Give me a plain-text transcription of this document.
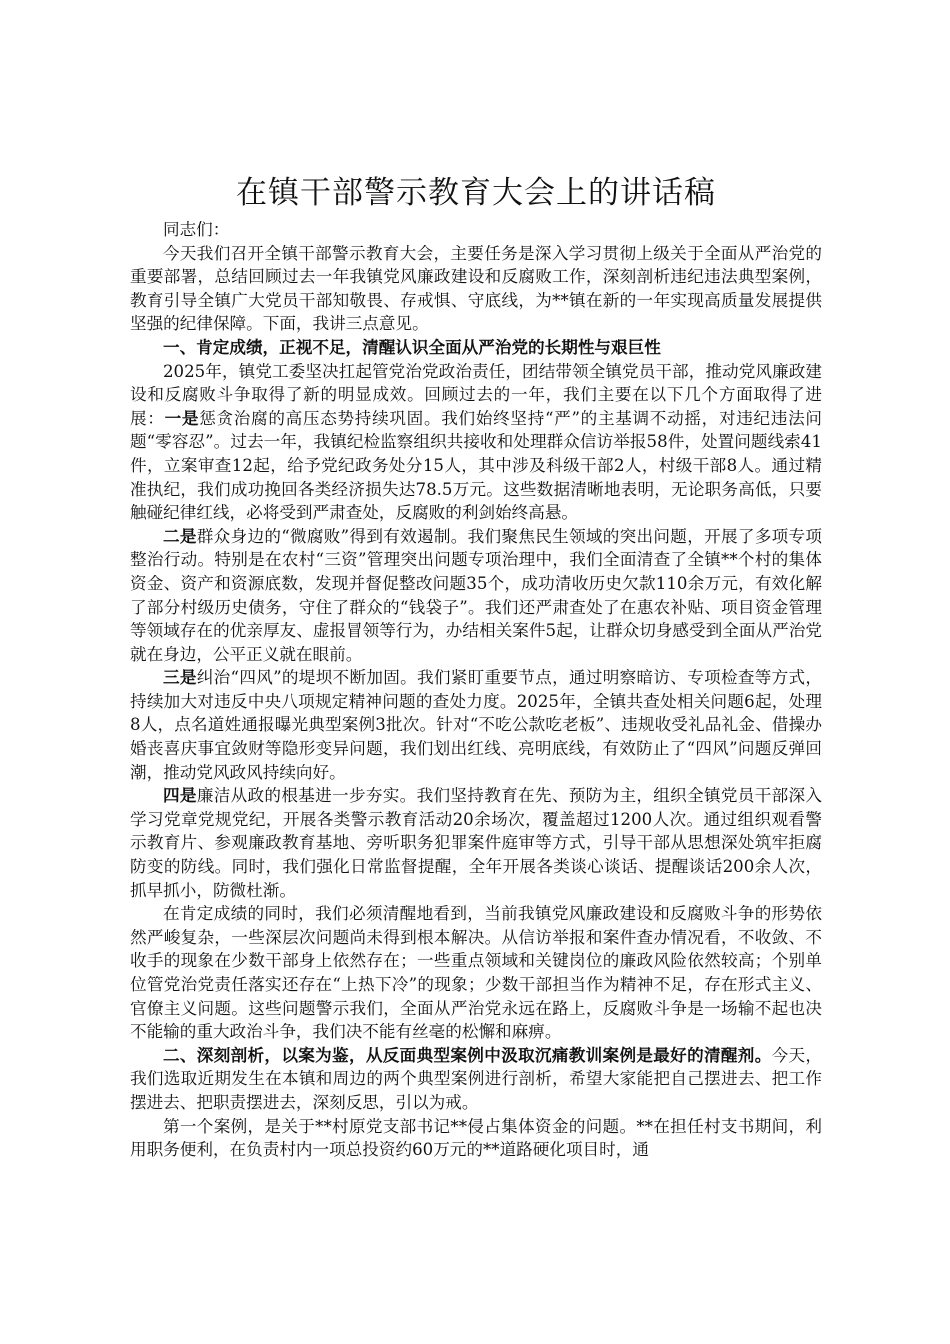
在镇干部警示教育大会上的讲话稿

同志们：

今天我们召开全镇干部警示教育大会，主要任务是深入学习贯彻上级关于全面从严治党的重要部署，总结回顾过去一年我镇党风廉政建设和反腐败工作，深刻剖析违纪违法典型案例，教育引导全镇广大党员干部知敬畏、存戒惧、守底线，为**镇在新的一年实现高质量发展提供坚强的纪律保障。下面，我讲三点意见。

一、肯定成绩，正视不足，清醒认识全面从严治党的长期性与艰巨性

2025年，镇党工委坚决扛起管党治党政治责任，团结带领全镇党员干部，推动党风廉政建设和反腐败斗争取得了新的明显成效。回顾过去的一年，我们主要在以下几个方面取得了进展：一是惩贪治腐的高压态势持续巩固。我们始终坚持“严”的主基调不动摇，对违纪违法问题“零容忍”。过去一年，我镇纪检监察组织共接收和处理群众信访举报58件，处置问题线索41件，立案审查12起，给予党纪政务处分15人，其中涉及科级干部2人，村级干部8人。通过精准执纪，我们成功挽回各类经济损失达78.5万元。这些数据清晰地表明，无论职务高低，只要触碰纪律红线，必将受到严肃查处，反腐败的利剑始终高悬。

二是群众身边的“微腐败”得到有效遏制。我们聚焦民生领域的突出问题，开展了多项专项整治行动。特别是在农村“三资”管理突出问题专项治理中，我们全面清查了全镇**个村的集体资金、资产和资源底数，发现并督促整改问题35个，成功清收历史欠款110余万元，有效化解了部分村级历史债务，守住了群众的“钱袋子”。我们还严肃查处了在惠农补贴、项目资金管理等领域存在的优亲厚友、虚报冒领等行为，办结相关案件5起，让群众切身感受到全面从严治党就在身边，公平正义就在眼前。

三是纠治“四风”的堤坝不断加固。我们紧盯重要节点，通过明察暗访、专项检查等方式，持续加大对违反中央八项规定精神问题的查处力度。2025年，全镇共查处相关问题6起，处理8人，点名道姓通报曝光典型案例3批次。针对“不吃公款吃老板”、违规收受礼品礼金、借操办婚丧喜庆事宜敛财等隐形变异问题，我们划出红线、亮明底线，有效防止了“四风”问题反弹回潮，推动党风政风持续向好。

四是廉洁从政的根基进一步夯实。我们坚持教育在先、预防为主，组织全镇党员干部深入学习党章党规党纪，开展各类警示教育活动20余场次，覆盖超过1200人次。通过组织观看警示教育片、参观廉政教育基地、旁听职务犯罪案件庭审等方式，引导干部从思想深处筑牢拒腐防变的防线。同时，我们强化日常监督提醒，全年开展各类谈心谈话、提醒谈话200余人次，抓早抓小，防微杜渐。

在肯定成绩的同时，我们必须清醒地看到，当前我镇党风廉政建设和反腐败斗争的形势依然严峻复杂，一些深层次问题尚未得到根本解决。从信访举报和案件查办情况看，不收敛、不收手的现象在少数干部身上依然存在；一些重点领域和关键岗位的廉政风险依然较高；个别单位管党治党责任落实还存在“上热下冷”的现象；少数干部担当作为精神不足，存在形式主义、官僚主义问题。这些问题警示我们，全面从严治党永远在路上，反腐败斗争是一场输不起也决不能输的重大政治斗争，我们决不能有丝毫的松懈和麻痹。

二、深刻剖析，以案为鉴，从反面典型案例中汲取沉痛教训案例是最好的清醒剂。今天，我们选取近期发生在本镇和周边的两个典型案例进行剖析，希望大家能把自己摆进去、把工作摆进去、把职责摆进去，深刻反思，引以为戒。

第一个案例，是关于**村原党支部书记**侵占集体资金的问题。**在担任村支书期间，利用职务便利，在负责村内一项总投资约60万元的**道路硬化项目时，通
